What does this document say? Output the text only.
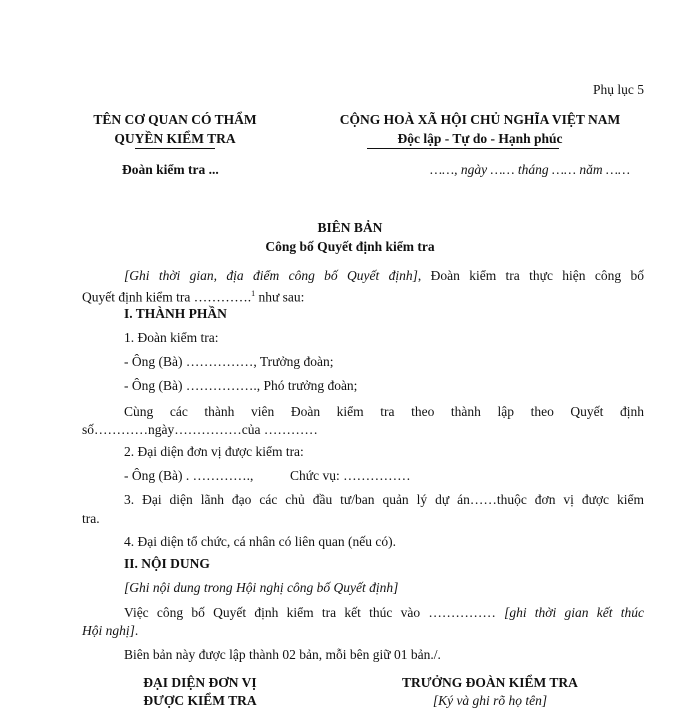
Phụ lục 5
TÊN CƠ QUAN CÓ THẨM
QUYỀN KIỂM TRA
CỘNG HOÀ XÃ HỘI CHỦ NGHĨA VIỆT NAM
Độc lập - Tự do - Hạnh phúc
Đoàn kiểm tra ...	……, ngày …… tháng …… năm ……
BIÊN BẢN
Công bố Quyết định kiểm tra
[Ghi thời gian, địa điểm công bố Quyết định], Đoàn kiểm tra thực hiện công bố
Quyết định kiểm tra ………….$^1$ như sau:
I. THÀNH PHẦN
1. Đoàn kiểm tra:
- Ông (Bà) ……………, Trưởng đoàn;
- Ông (Bà) ……………., Phó trưởng đoàn;
Cùng các thành viên Đoàn kiểm tra theo thành lập theo Quyết định
số…………ngày……………của …………
2. Đại diện đơn vị được kiểm tra:
- Ông (Bà) . ………….,	Chức vụ: ……………
3. Đại diện lãnh đạo các chủ đầu tư/ban quản lý dự án……thuộc đơn vị được kiểm
tra.
4. Đại diện tổ chức, cá nhân có liên quan (nếu có).
II. NỘI DUNG
[Ghi nội dung trong Hội nghị công bố Quyết định]
Việc công bố Quyết định kiểm tra kết thúc vào …………… [ghi thời gian kết thúc
Hội nghị].
Biên bản này được lập thành 02 bản, mỗi bên giữ 01 bản./.
ĐẠI DIỆN ĐƠN VỊ
ĐƯỢC KIỂM TRA
TRƯỞNG ĐOÀN KIỂM TRA
[Ký và ghi rõ họ tên]
